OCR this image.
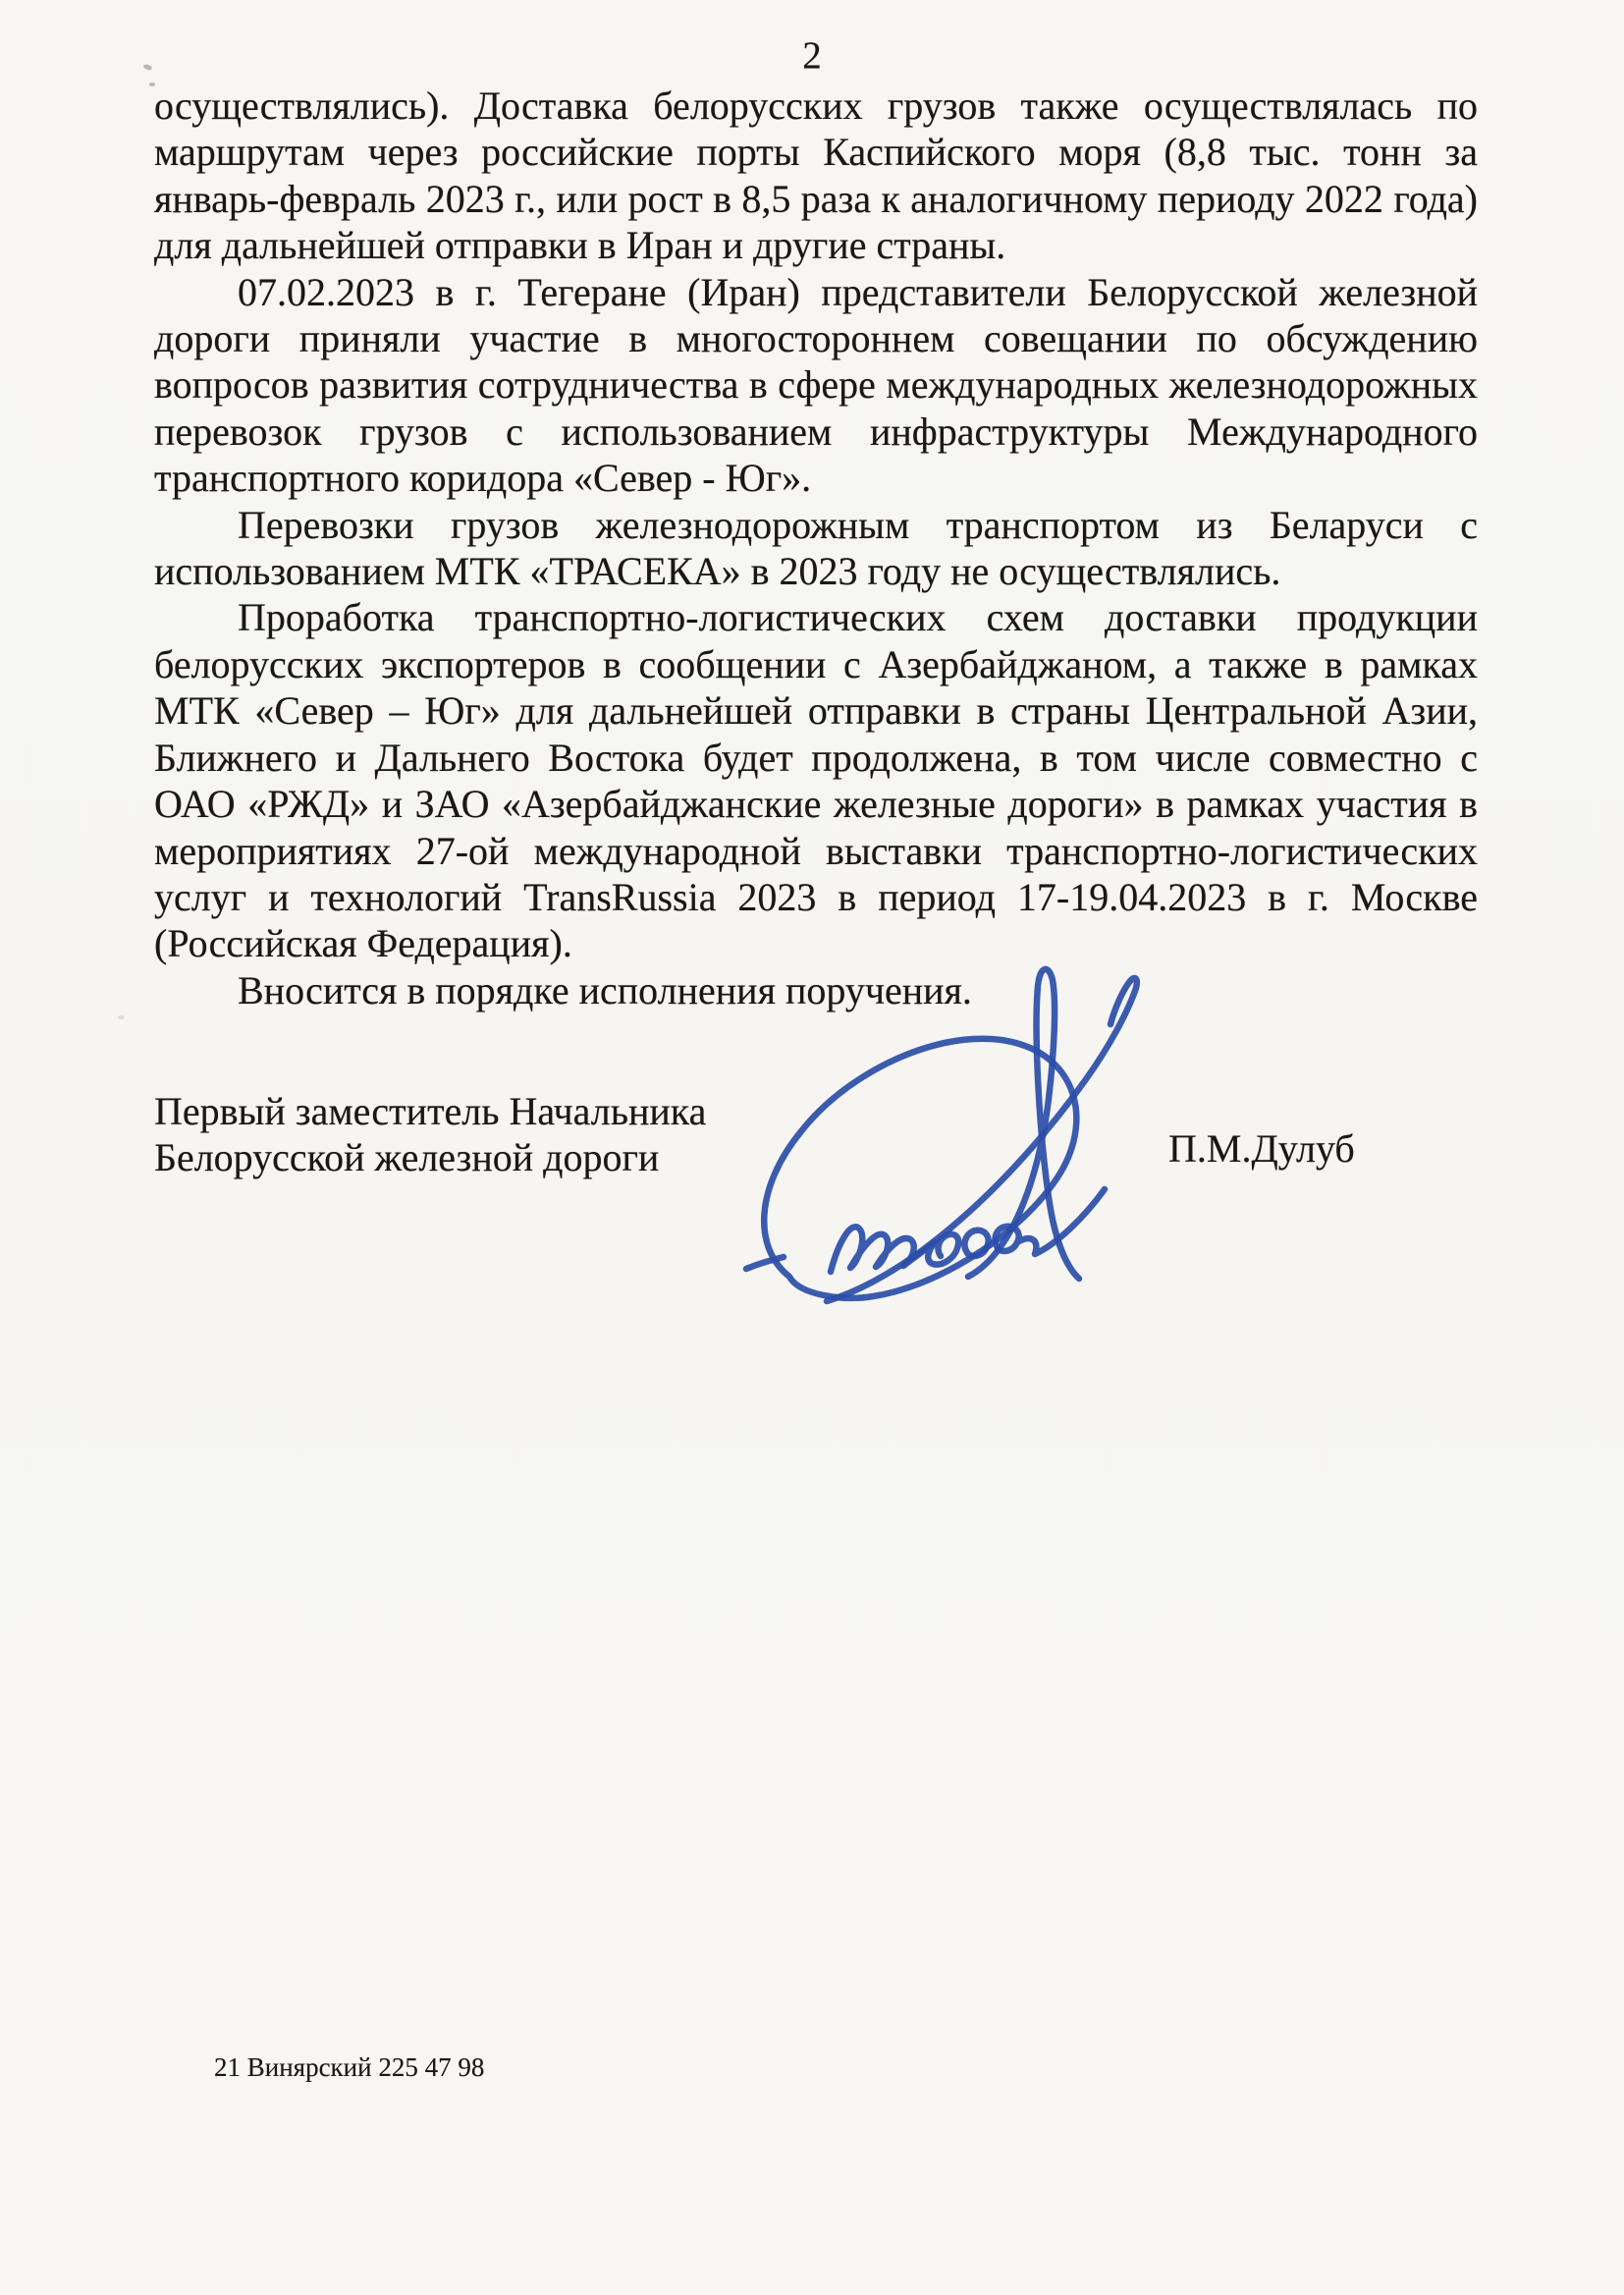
2

осуществлялись). Доставка белорусских грузов также осуществлялась по маршрутам через российские порты Каспийского моря (8,8 тыс. тонн за январь-февраль 2023 г., или рост в 8,5 раза к аналогичному периоду 2022 года) для дальнейшей отправки в Иран и другие страны.

07.02.2023 в г. Тегеране (Иран) представители Белорусской железной дороги приняли участие в многостороннем совещании по обсуждению вопросов развития сотрудничества в сфере международных железнодорожных перевозок грузов с использованием инфраструктуры Международного транспортного коридора «Север - Юг».

Перевозки грузов железнодорожным транспортом из Беларуси с использованием МТК «ТРАСЕКА» в 2023 году не осуществлялись.

Проработка транспортно-логистических схем доставки продукции белорусских экспортеров в сообщении с Азербайджаном, а также в рамках МТК «Север – Юг» для дальнейшей отправки в страны Центральной Азии, Ближнего и Дальнего Востока будет продолжена, в том числе совместно с ОАО «РЖД» и ЗАО «Азербайджанские железные дороги» в рамках участия в мероприятиях 27-ой международной выставки транспортно-логистических услуг и технологий TransRussia 2023 в период 17-19.04.2023 в г. Москве (Российская Федерация).

Вносится в порядке исполнения поручения.

Первый заместитель Начальника
Белорусской железной дороги	П.М.Дулуб
21 Винярский 225 47 98
